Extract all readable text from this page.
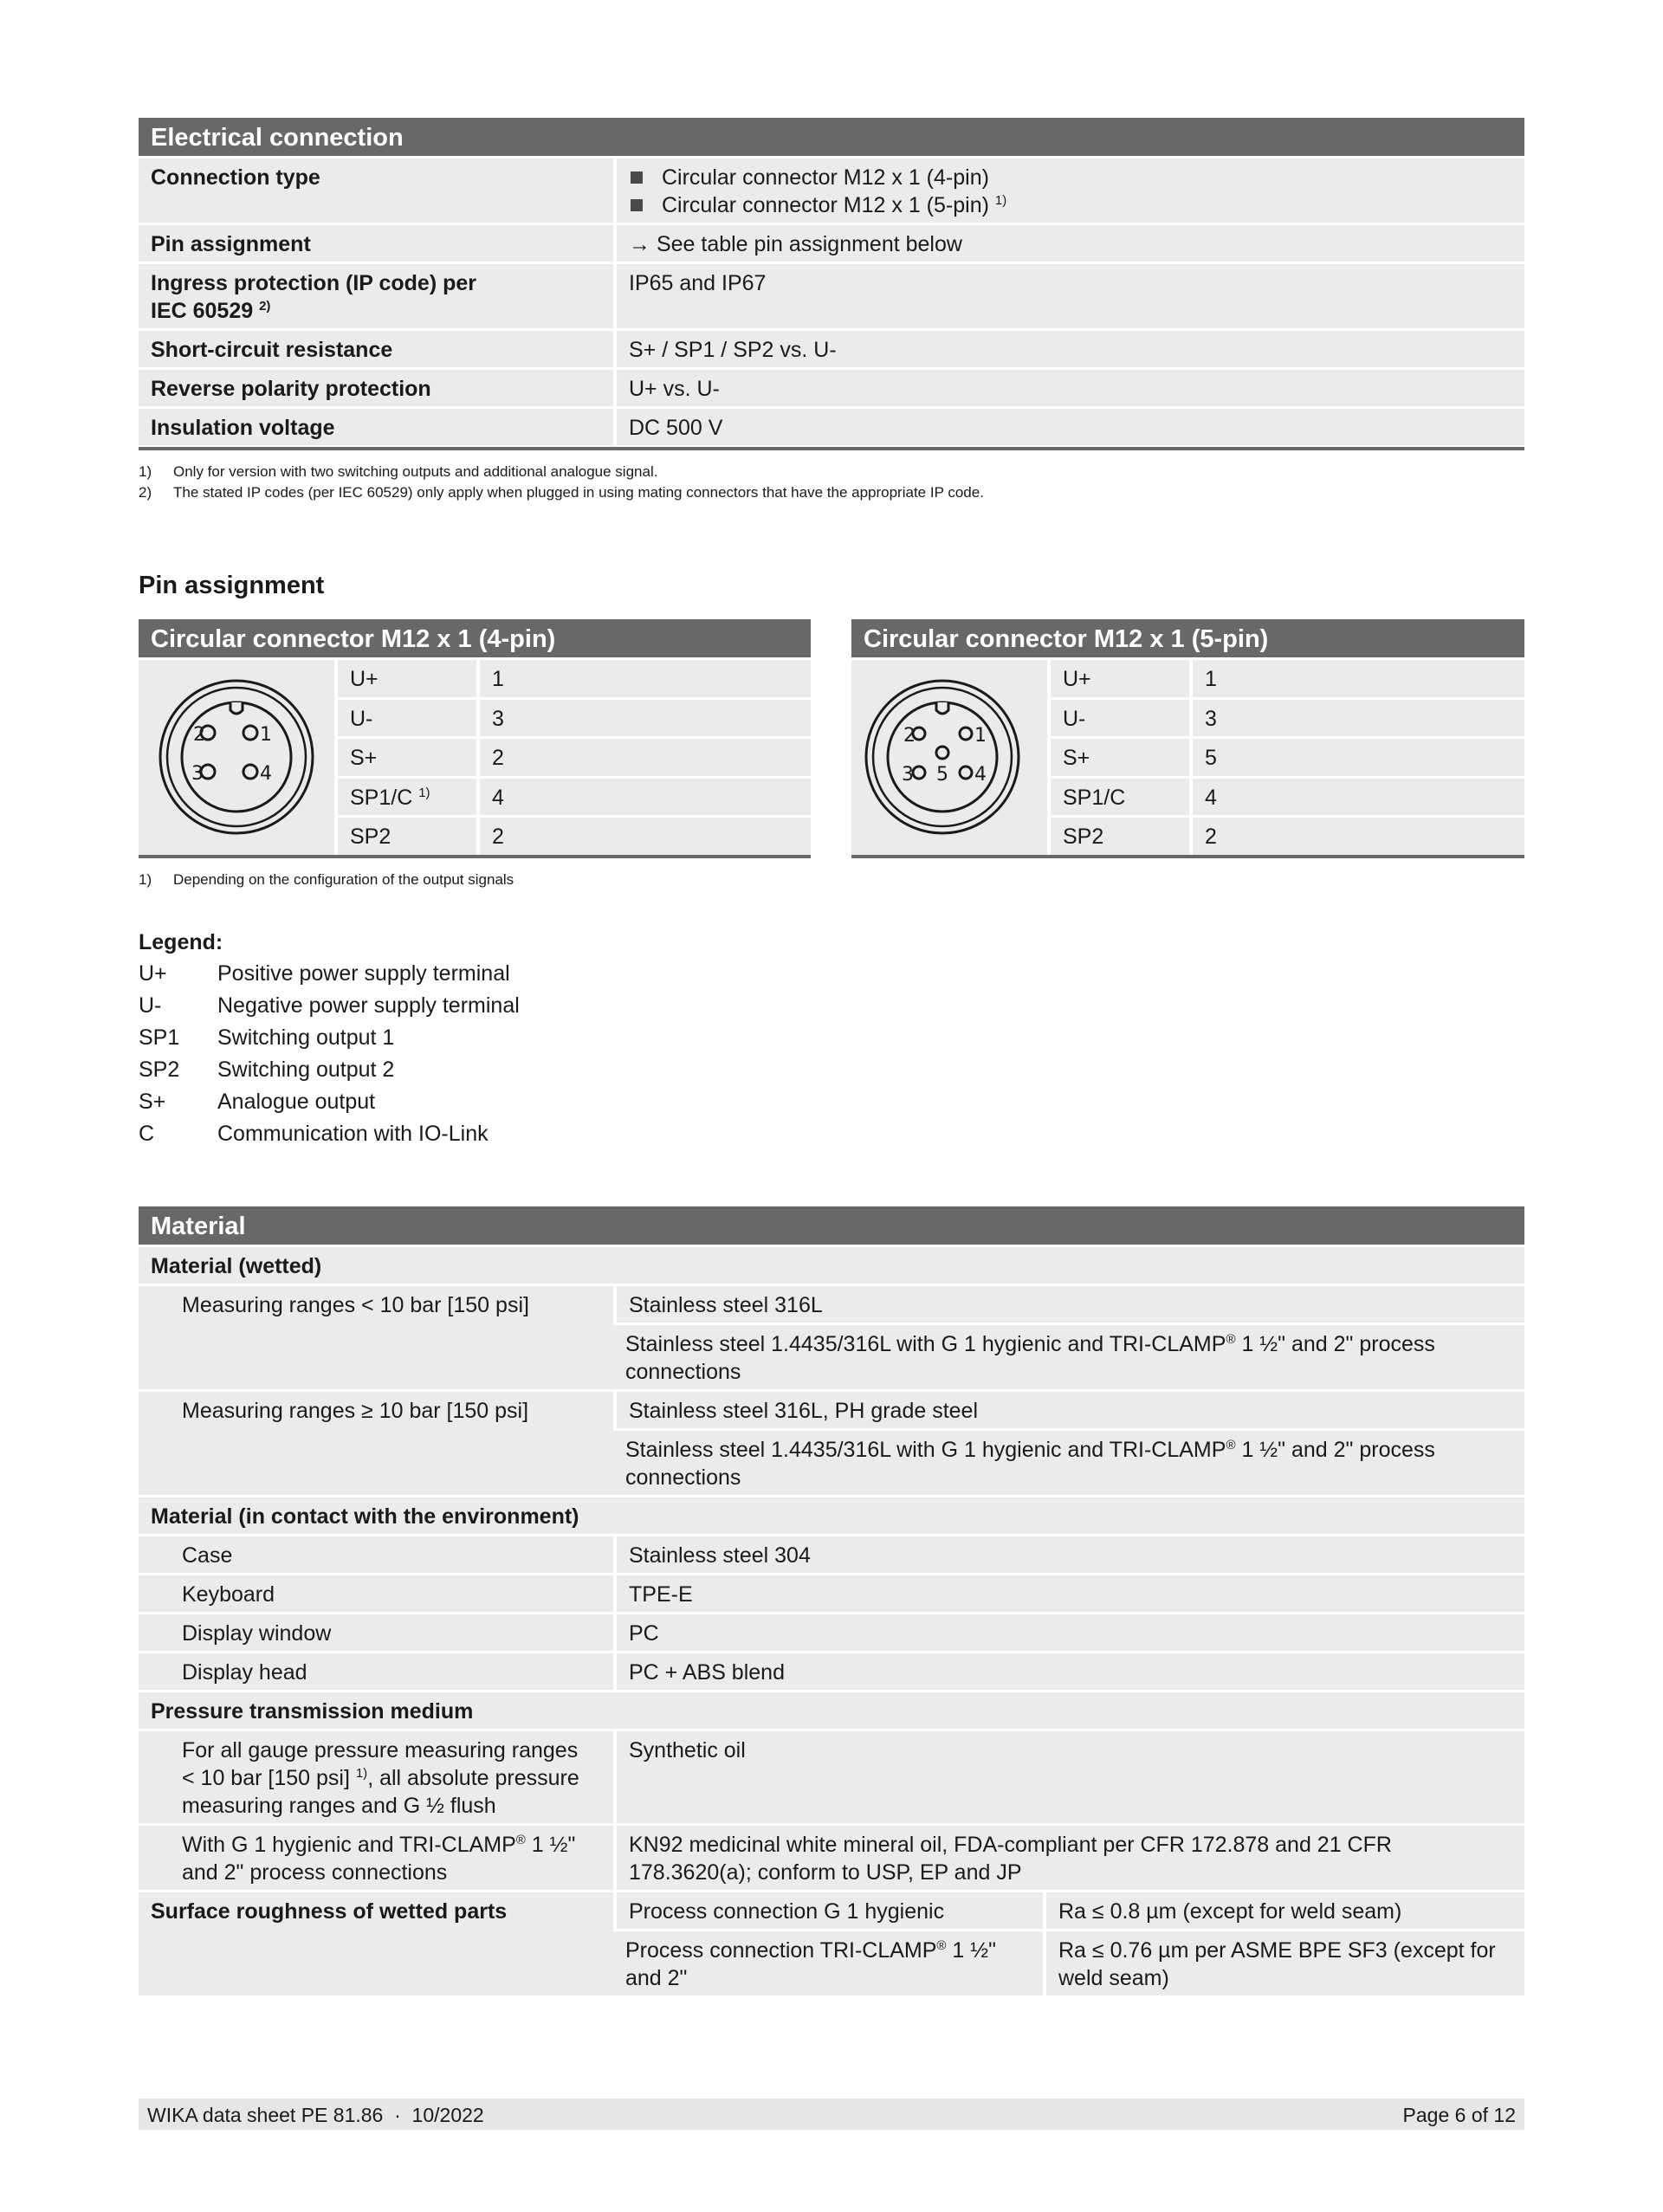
Electrical connection
Connection type	Circular connector M12 x 1 (4-pin)
Circular connector M12 x 1 (5-pin) $^{1)}$

Pin assignment	→ See table pin assignment below
Ingress protection (IP code) per
IEC 60529 $^{2)}$	IP65 and IP67
Short-circuit resistance	S+ / SP1 / SP2 vs. U-
Reverse polarity protection	U+ vs. U-
Insulation voltage	DC 500 V
1) Only for version with two switching outputs and additional analogue signal.
2) The stated IP codes (per IEC 60529) only apply when plugged in using mating connectors that have the appropriate IP code.
Pin assignment
Circular connector M12 x 1 (4-pin)
2	1
3	4
U+	1
U-	3
S+	2
SP1/C $^{1)}$	4
SP2	2
1) Depending on the configuration of the output signals
Circular connector M12 x 1 (5-pin)
2	1
3 5 4
U+	1
U-	3
S+	5
SP1/C	4
SP2	2
Legend:
U+	Positive power supply terminal
U-	Negative power supply terminal
SP1	Switching output 1
SP2	Switching output 2
S+	Analogue output
C	Communication with IO-Link
Material
Material (wetted)		
Measuring ranges < 10 bar [150 psi]	Stainless steel 316L	
	Stainless steel 1.4435/316L with G 1 hygienic and TRI-CLAMP® 1 ½" and 2" process connections	
Measuring ranges ≥ 10 bar [150 psi]	Stainless steel 316L, PH grade steel	
	Stainless steel 1.4435/316L with G 1 hygienic and TRI-CLAMP® 1 ½" and 2" process connections	
Material (in contact with the environment)		
Case	Stainless steel 304	
Keyboard	TPE-E	
Display window	PC	
Display head	PC + ABS blend	
Pressure transmission medium		
For all gauge pressure measuring ranges < 10 bar [150 psi] $^{1)}$, all absolute pressure measuring ranges and G ½ flush	Synthetic oil	
With G 1 hygienic and TRI-CLAMP® 1 ½" and 2" process connections	KN92 medicinal white mineral oil, FDA-compliant per CFR 172.878 and 21 CFR 178.3620(a); conform to USP, EP and JP	
Surface roughness of wetted parts	Process connection G 1 hygienic	Ra ≤ 0.8 µm (except for weld seam)
	Process connection TRI-CLAMP® 1 ½" and 2"	Ra ≤ 0.76 µm per ASME BPE SF3 (except for weld seam)
WIKA data sheet PE 81.86  ·  10/2022	Page 6 of 12
